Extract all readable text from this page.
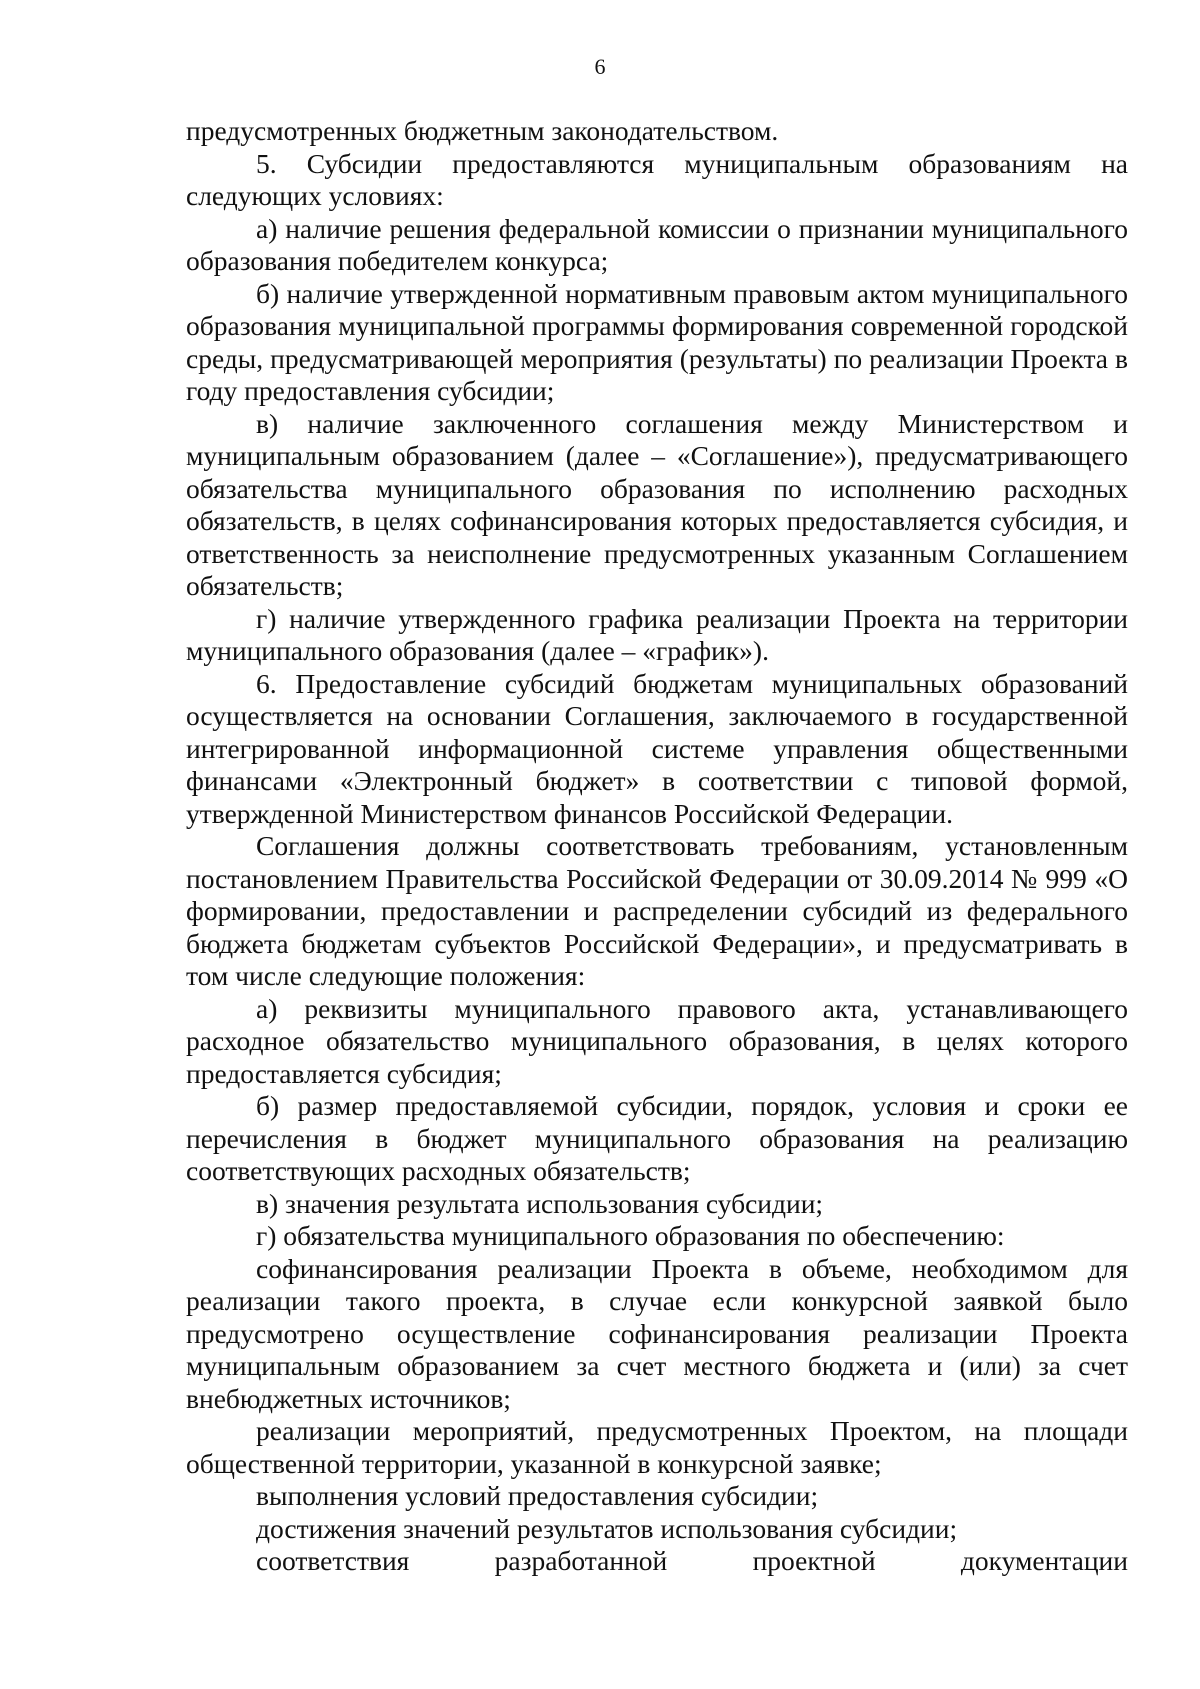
6

предусмотренных бюджетным законодательством.

5. Субсидии предоставляются муниципальным образованиям на следующих условиях:

а) наличие решения федеральной комиссии о признании муниципального образования победителем конкурса;

б) наличие утвержденной нормативным правовым актом муниципального образования муниципальной программы формирования современной городской среды, предусматривающей мероприятия (результаты) по реализации Проекта в году предоставления субсидии;

в) наличие заключенного соглашения между Министерством и муниципальным образованием (далее – «Соглашение»), предусматривающего обязательства муниципального образования по исполнению расходных обязательств, в целях софинансирования которых предоставляется субсидия, и ответственность за неисполнение предусмотренных указанным Соглашением обязательств;

г) наличие утвержденного графика реализации Проекта на территории муниципального образования (далее – «график»).

6. Предоставление субсидий бюджетам муниципальных образований осуществляется на основании Соглашения, заключаемого в государственной интегрированной информационной системе управления общественными финансами «Электронный бюджет» в соответствии с типовой формой, утвержденной Министерством финансов Российской Федерации.

Соглашения должны соответствовать требованиям, установленным постановлением Правительства Российской Федерации от 30.09.2014 № 999 «О формировании, предоставлении и распределении субсидий из федерального бюджета бюджетам субъектов Российской Федерации», и предусматривать в том числе следующие положения:

а) реквизиты муниципального правового акта, устанавливающего расходное обязательство муниципального образования, в целях которого предоставляется субсидия;

б) размер предоставляемой субсидии, порядок, условия и сроки ее перечисления в бюджет муниципального образования на реализацию соответствующих расходных обязательств;

в) значения результата использования субсидии;

г) обязательства муниципального образования по обеспечению:

софинансирования реализации Проекта в объеме, необходимом для реализации такого проекта, в случае если конкурсной заявкой было предусмотрено осуществление софинансирования реализации Проекта муниципальным образованием за счет местного бюджета и (или) за счет внебюджетных источников;

реализации мероприятий, предусмотренных Проектом, на площади общественной территории, указанной в конкурсной заявке;

выполнения условий предоставления субсидии;

достижения значений результатов использования субсидии;

соответствия разработанной проектной документации
